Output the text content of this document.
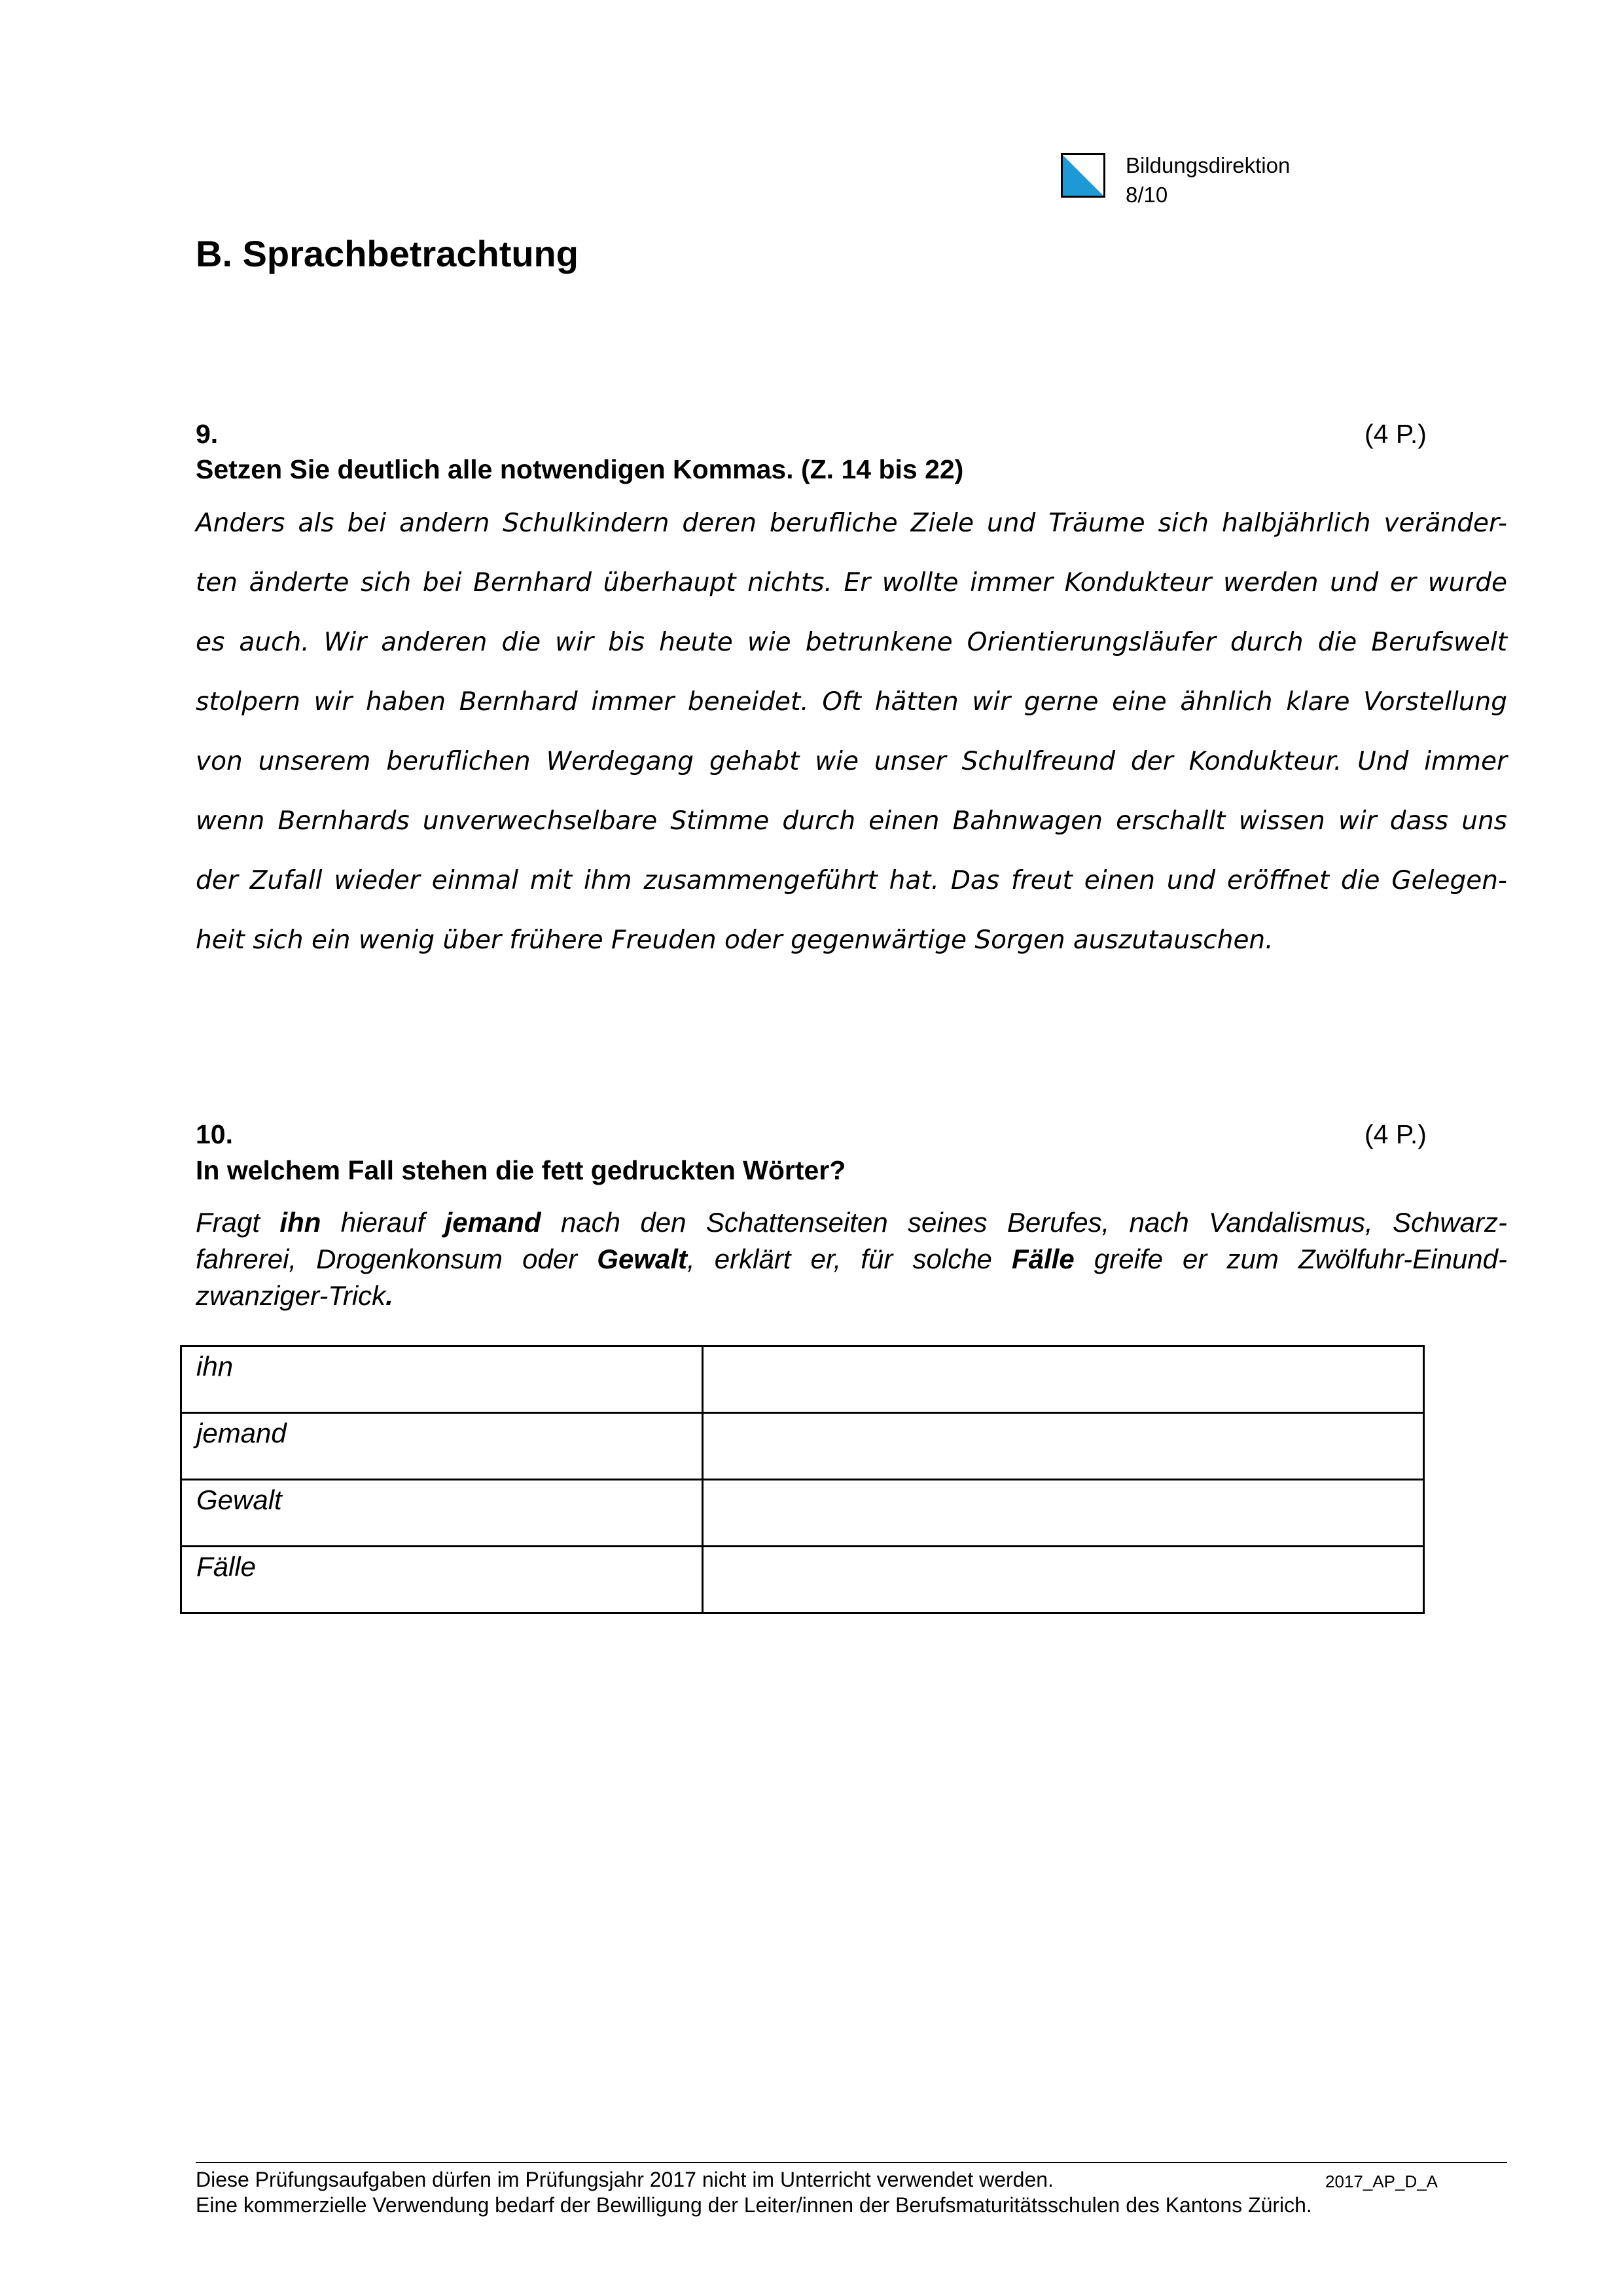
Bildungsdirektion
8/10
B. Sprachbetrachtung
9.	(4 P.)
Setzen Sie deutlich alle notwendigen Kommas. (Z. 14 bis 22)
Anders als bei andern Schulkindern deren berufliche Ziele und Träume sich halbjährlich veränder-
ten änderte sich bei Bernhard überhaupt nichts. Er wollte immer Kondukteur werden und er wurde
es auch. Wir anderen die wir bis heute wie betrunkene Orientierungsläufer durch die Berufswelt
stolpern wir haben Bernhard immer beneidet. Oft hätten wir gerne eine ähnlich klare Vorstellung
von unserem beruflichen Werdegang gehabt wie unser Schulfreund der Kondukteur. Und immer
wenn Bernhards unverwechselbare Stimme durch einen Bahnwagen erschallt wissen wir dass uns
der Zufall wieder einmal mit ihm zusammengeführt hat. Das freut einen und eröffnet die Gelegen-
heit sich ein wenig über frühere Freuden oder gegenwärtige Sorgen auszutauschen.
10.	(4 P.)
In welchem Fall stehen die fett gedruckten Wörter?
Fragt ihn hierauf jemand nach den Schattenseiten seines Berufes, nach Vandalismus, Schwarz-
fahrerei, Drogenkonsum oder Gewalt, erklärt er, für solche Fälle greife er zum Zwölfuhr-Einund-
zwanziger-Trick.
ihn	
jemand	
Gewalt	
Fälle	
Diese Prüfungsaufgaben dürfen im Prüfungsjahr 2017 nicht im Unterricht verwendet werden.	2017_AP_D_A
Eine kommerzielle Verwendung bedarf der Bewilligung der Leiter/innen der Berufsmaturitätsschulen des Kantons Zürich.
